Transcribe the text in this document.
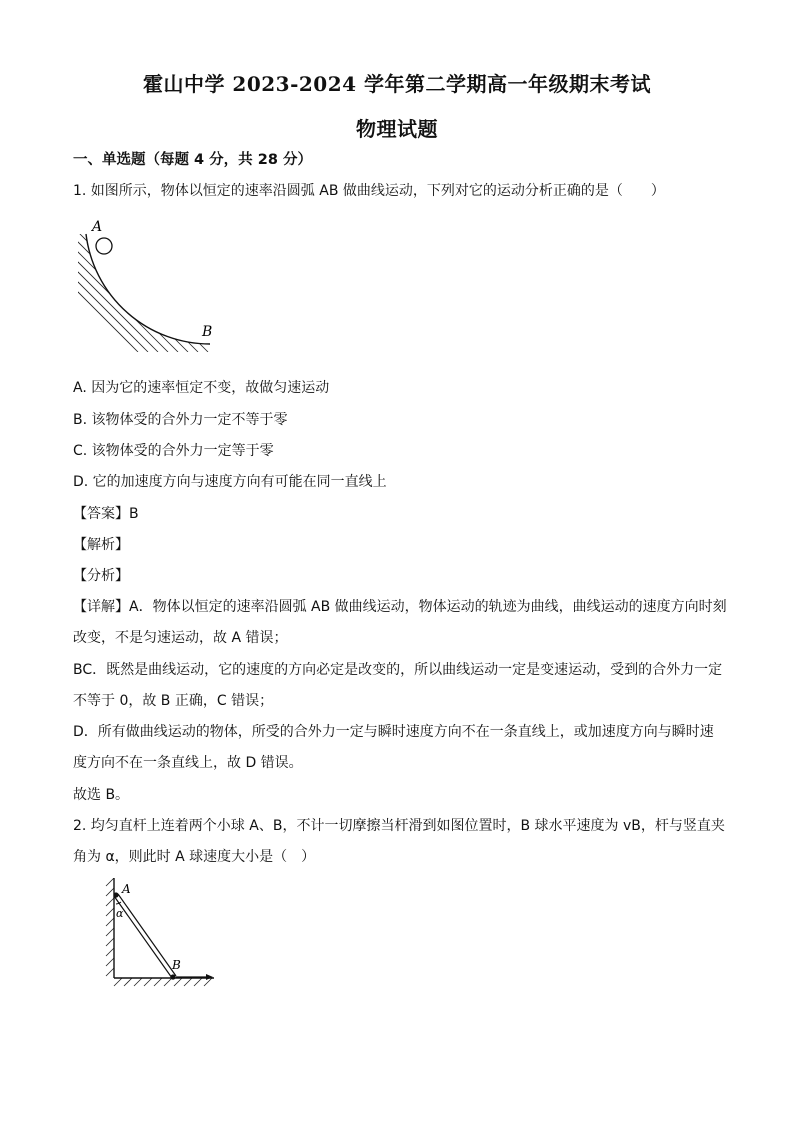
霍山中学 2023-2024 学年第二学期高一年级期末考试
物理试题
一、单选题（每题 4 分，共 28 分）
1. 如图所示，物体以恒定的速率沿圆弧 AB 做曲线运动，下列对它的运动分析正确的是（　　）
A
B
A. 因为它的速率恒定不变，故做匀速运动
B. 该物体受的合外力一定不等于零
C. 该物体受的合外力一定等于零
D. 它的加速度方向与速度方向有可能在同一直线上
【答案】B
【解析】
【分析】
【详解】A．物体以恒定的速率沿圆弧 AB 做曲线运动，物体运动的轨迹为曲线，曲线运动的速度方向时刻
改变，不是匀速运动，故 A 错误；
BC．既然是曲线运动，它的速度的方向必定是改变的，所以曲线运动一定是变速运动，受到的合外力一定
不等于 0，故 B 正确，C 错误；
D．所有做曲线运动的物体，所受的合外力一定与瞬时速度方向不在一条直线上，或加速度方向与瞬时速
度方向不在一条直线上，故 D 错误。
故选 B。
2. 均匀直杆上连着两个小球 A、B，不计一切摩擦当杆滑到如图位置时，B 球水平速度为 vB，杆与竖直夹
角为 α，则此时 A 球速度大小是（　）
A
α
B
